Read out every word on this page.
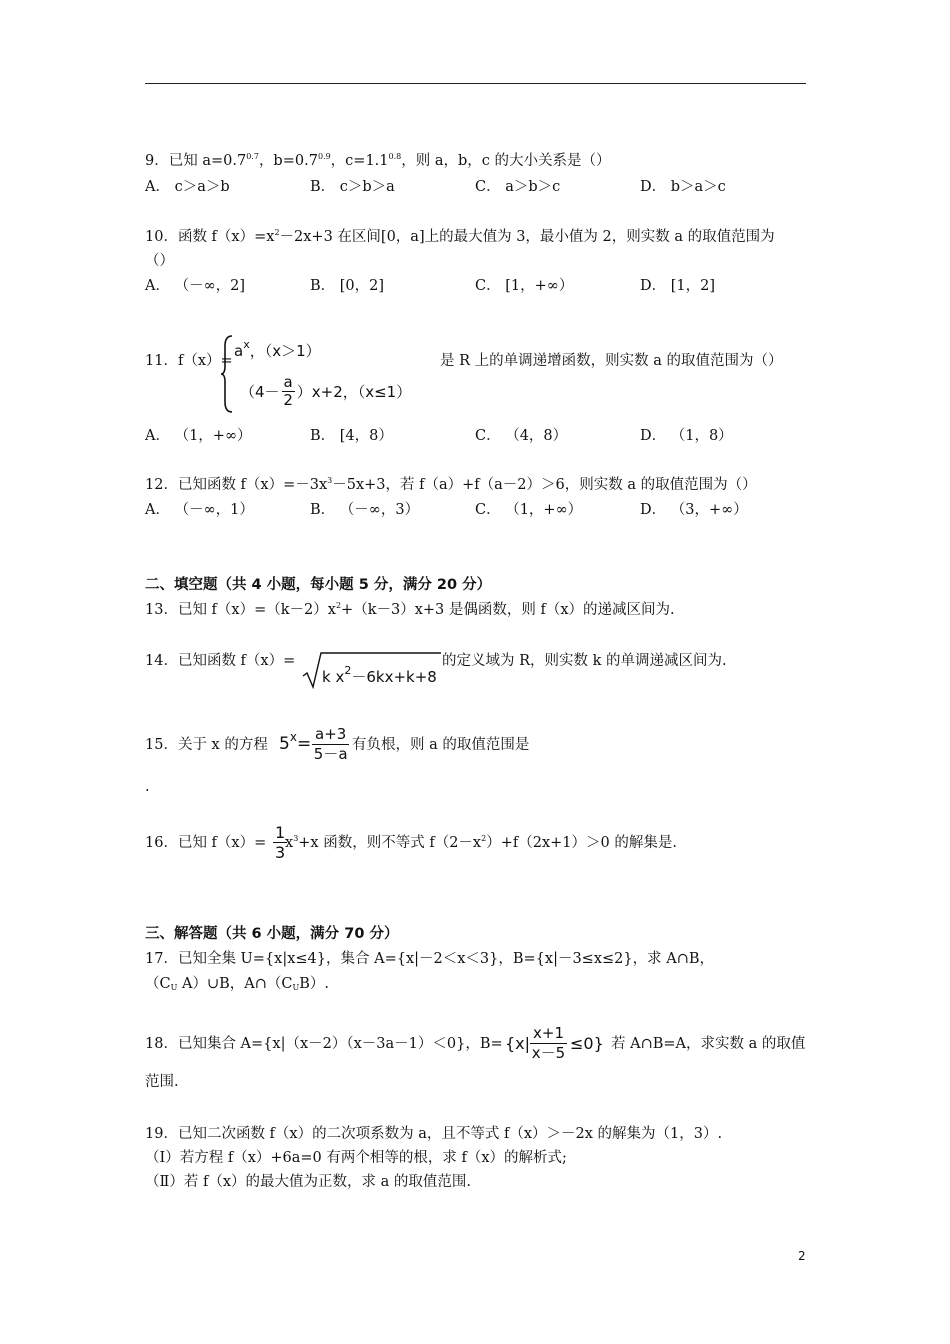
9．已知 $a=0.7^{0.7}$，$b=0.7^{0.9}$，$c=1.1^{0.8}$，则 a，b，c 的大小关系是（）
A． c＞a＞b	B． c＞b＞a	C． a＞b＞c	D． b＞a＞c
10．函数 $f(x)=x^2-2x+3$ 在区间[0，a]上的最大值为 3，最小值为 2，则实数 a 的取值范围为
（）
A． （－∞，2]	B． [0，2]	C． [1，+∞）	D． [1，2]
11．f（x）=
$a^x$，（x＞1）
（4－
a
2 ）x+2，（x≤1）
是 R 上的单调递增函数，则实数 a 的取值范围为（）
A． （1，+∞）	B． [4，8）	C． （4，8）	D． （1，8）
12．已知函数 $f(x)=-3x^3-5x+3$，若 f（a）+f（a－2）＞6，则实数 a 的取值范围为（）
A． （－∞，1）	B． （－∞，3）	C． （1，+∞）	D． （3，+∞）
二、填空题（共 4 小题，每小题 5 分，满分 20 分）
13．已知 $f(x)=(k-2)x^2+(k-3)x+3$ 是偶函数，则 f（x）的递减区间为.
14．已知函数 f（x）=
k $x^2-6kx+k+8$
的定义域为 R，则实数 k 的单调递减区间为.
15．关于 x 的方程 $5^x= a+3$
5－a 有负根，则 a 的取值范围是
.
16．已知 f（x）=
1
3 $x^3+x$ 函数，则不等式 $f(2-x^2)+f(2x+1)>0$ 的解集是.
三、解答题（共 6 小题，满分 70 分）
17．已知全集 U={x|x≤4}，集合 A={x|－2＜x＜3}，B={x|－3≤x≤2}，求 A∩B，
（$C_U$ A）∪B，$A\cap(C_UB)$.
18．已知集合 A={x|（x－2）（x－3a－1）＜0}，B= {x|
x+1
x－5 ≤0} 若 A∩B=A，求实数 a 的取值
范围.
19．已知二次函数 f（x）的二次项系数为 a，且不等式 f（x）＞－2x 的解集为（1，3）.
（Ⅰ）若方程 f（x）+6a=0 有两个相等的根，求 f（x）的解析式;
（Ⅱ）若 f（x）的最大值为正数，求 a 的取值范围.
2
